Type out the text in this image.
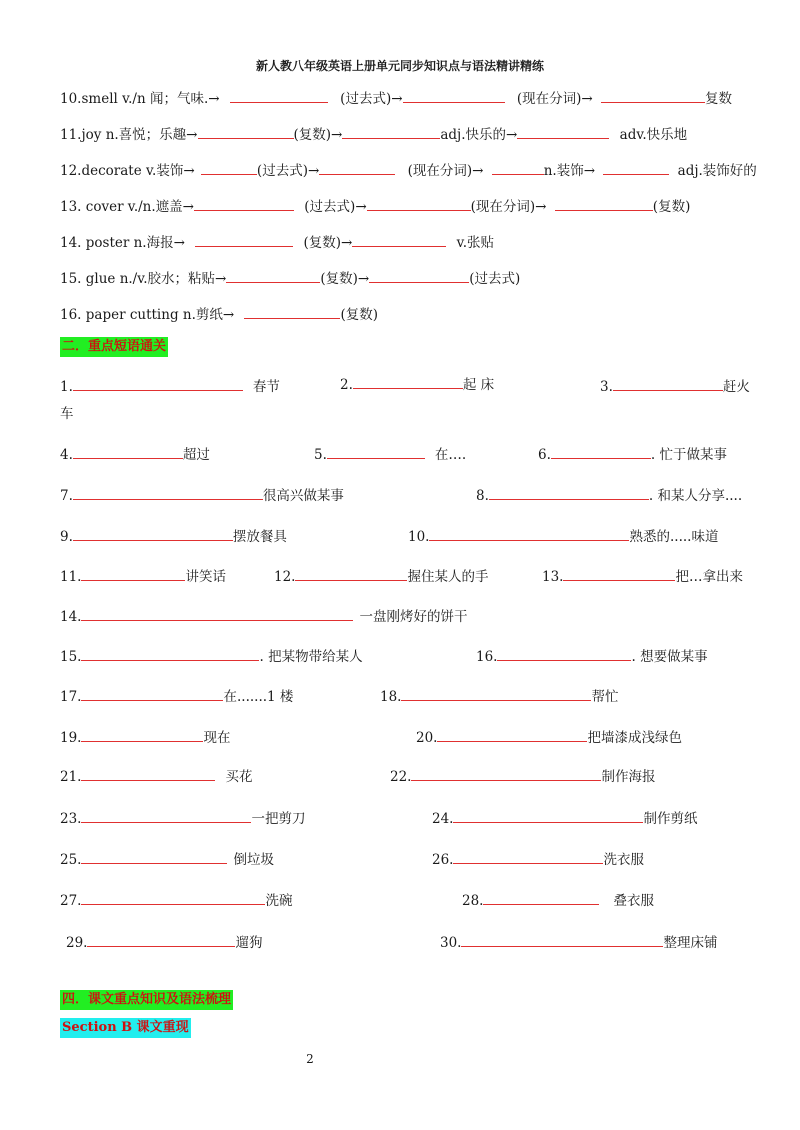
新人教八年级英语上册单元同步知识点与语法精讲精练
10.smell v./n 闻；气味.→	(过去式)→	(现在分词)→	复数
11.joy n.喜悦；乐趣→	(复数)→	adj.快乐的→	adv.快乐地
12.decorate v.装饰→	(过去式)→	(现在分词)→	n.装饰→	adj.装饰好的
13. cover v./n.遮盖→	(过去式)→	(现在分词)→	(复数)
14. poster n.海报→	(复数)→	v.张贴
15. glue n./v.胶水；粘贴→	(复数)→	(过去式)
16. paper cutting n.剪纸→	(复数)
二．重点短语通关
1.	春节	2.	起 床	3.	赶火
车
4.	超过	5.	在….	6.	. 忙于做某事
7.	很高兴做某事	8.	. 和某人分享....
9.	摆放餐具	10.	熟悉的.....味道
11.	讲笑话	12.	握住某人的手	13.	把…拿出来
14.	一盘刚烤好的饼干
15.	. 把某物带给某人	16.	. 想要做某事
17.	在.......1 楼	18.	帮忙
19.	现在	20.	把墙漆成浅绿色
21.	买花	22.	制作海报
23.	一把剪刀	24.	制作剪纸
25.	倒垃圾	26.	洗衣服
27.	洗碗	28.	叠衣服
29.	遛狗	30.	整理床铺
四．课文重点知识及语法梳理
Section B 课文重现
2
